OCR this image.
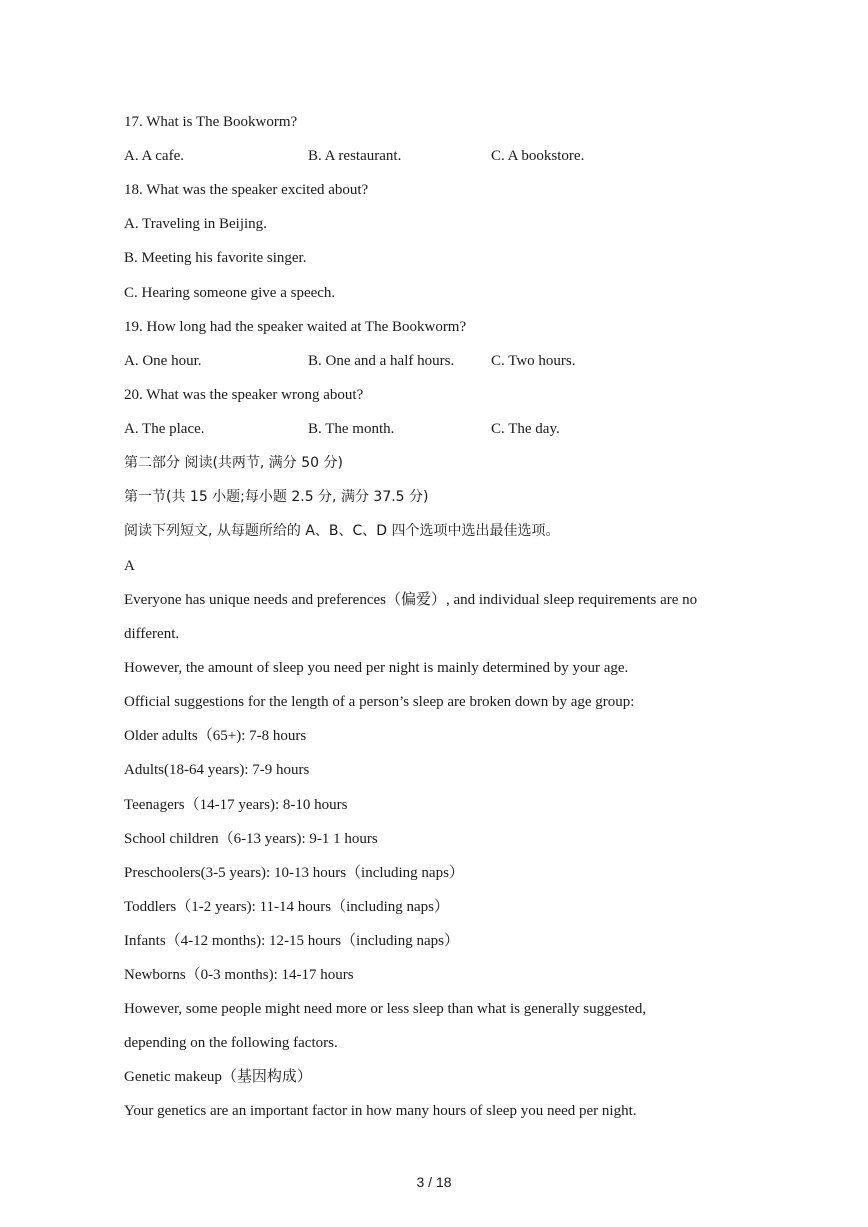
17. What is The Bookworm?
A. A cafe.	B. A restaurant.	C. A bookstore.
18. What was the speaker excited about?
A. Traveling in Beijing.
B. Meeting his favorite singer.
C. Hearing someone give a speech.
19. How long had the speaker waited at The Bookworm?
A. One hour.	B. One and a half hours. C. Two hours.
20. What was the speaker wrong about?
A. The place.	B. The month.	C. The day.
第二部分 阅读(共两节, 满分 50 分)
第一节(共 15 小题;每小题 2.5 分, 满分 37.5 分)
阅读下列短文, 从每题所给的 A、B、C、D 四个选项中选出最佳选项。
A
Everyone has unique needs and preferences（偏爱）, and individual sleep requirements are no
different.
However, the amount of sleep you need per night is mainly determined by your age.
Official suggestions for the length of a person’s sleep are broken down by age group:
Older adults（65+): 7-8 hours
Adults(18-64 years): 7-9 hours
Teenagers（14-17 years): 8-10 hours
School children（6-13 years): 9-1 1 hours
Preschoolers(3-5 years): 10-13 hours（including naps）
Toddlers（1-2 years): 11-14 hours（including naps）
Infants（4-12 months): 12-15 hours（including naps）
Newborns（0-3 months): 14-17 hours
However, some people might need more or less sleep than what is generally suggested,
depending on the following factors.
Genetic makeup（基因构成）
Your genetics are an important factor in how many hours of sleep you need per night.
3 / 18
